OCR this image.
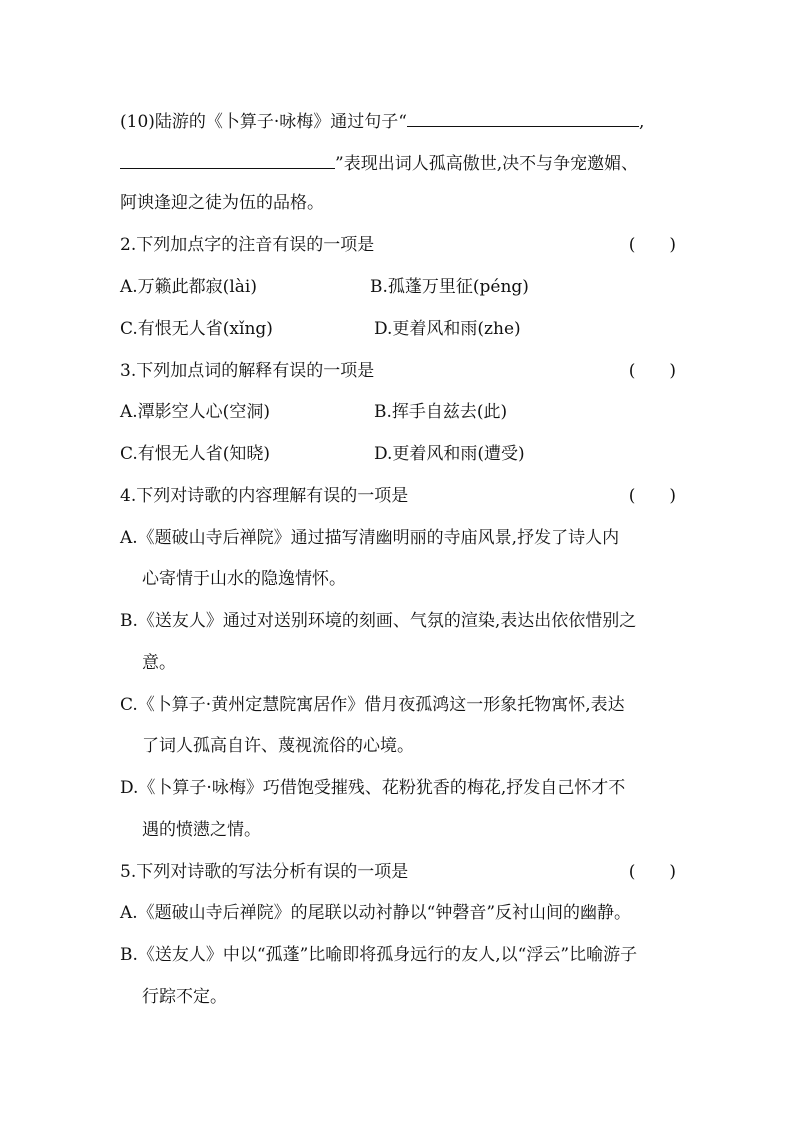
(10)陆游的《卜算子·咏梅》通过句子“	,
”表现出词人孤高傲世,决不与争宠邀媚、
阿谀逢迎之徒为伍的品格。
2.下列加点字的注音有误的一项是	(　　)
A.万籁此都寂(lài)	B.孤蓬万里征(péng)
C.有恨无人省(xǐng)	D.更着风和雨(zhe)
3.下列加点词的解释有误的一项是	(　　)
A.潭影空人心(空洞)	B.挥手自兹去(此)
C.有恨无人省(知晓)	D.更着风和雨(遭受)
4.下列对诗歌的内容理解有误的一项是	(　　)
A.《题破山寺后禅院》通过描写清幽明丽的寺庙风景,抒发了诗人内
心寄情于山水的隐逸情怀。
B.《送友人》通过对送别环境的刻画、气氛的渲染,表达出依依惜别之
意。
C.《卜算子·黄州定慧院寓居作》借月夜孤鸿这一形象托物寓怀,表达
了词人孤高自许、蔑视流俗的心境。
D.《卜算子·咏梅》巧借饱受摧残、花粉犹香的梅花,抒发自己怀才不
遇的愤懑之情。
5.下列对诗歌的写法分析有误的一项是	(　　)
A.《题破山寺后禅院》的尾联以动衬静以“钟磬音”反衬山间的幽静。
B.《送友人》中以“孤蓬”比喻即将孤身远行的友人,以“浮云”比喻游子
行踪不定。
